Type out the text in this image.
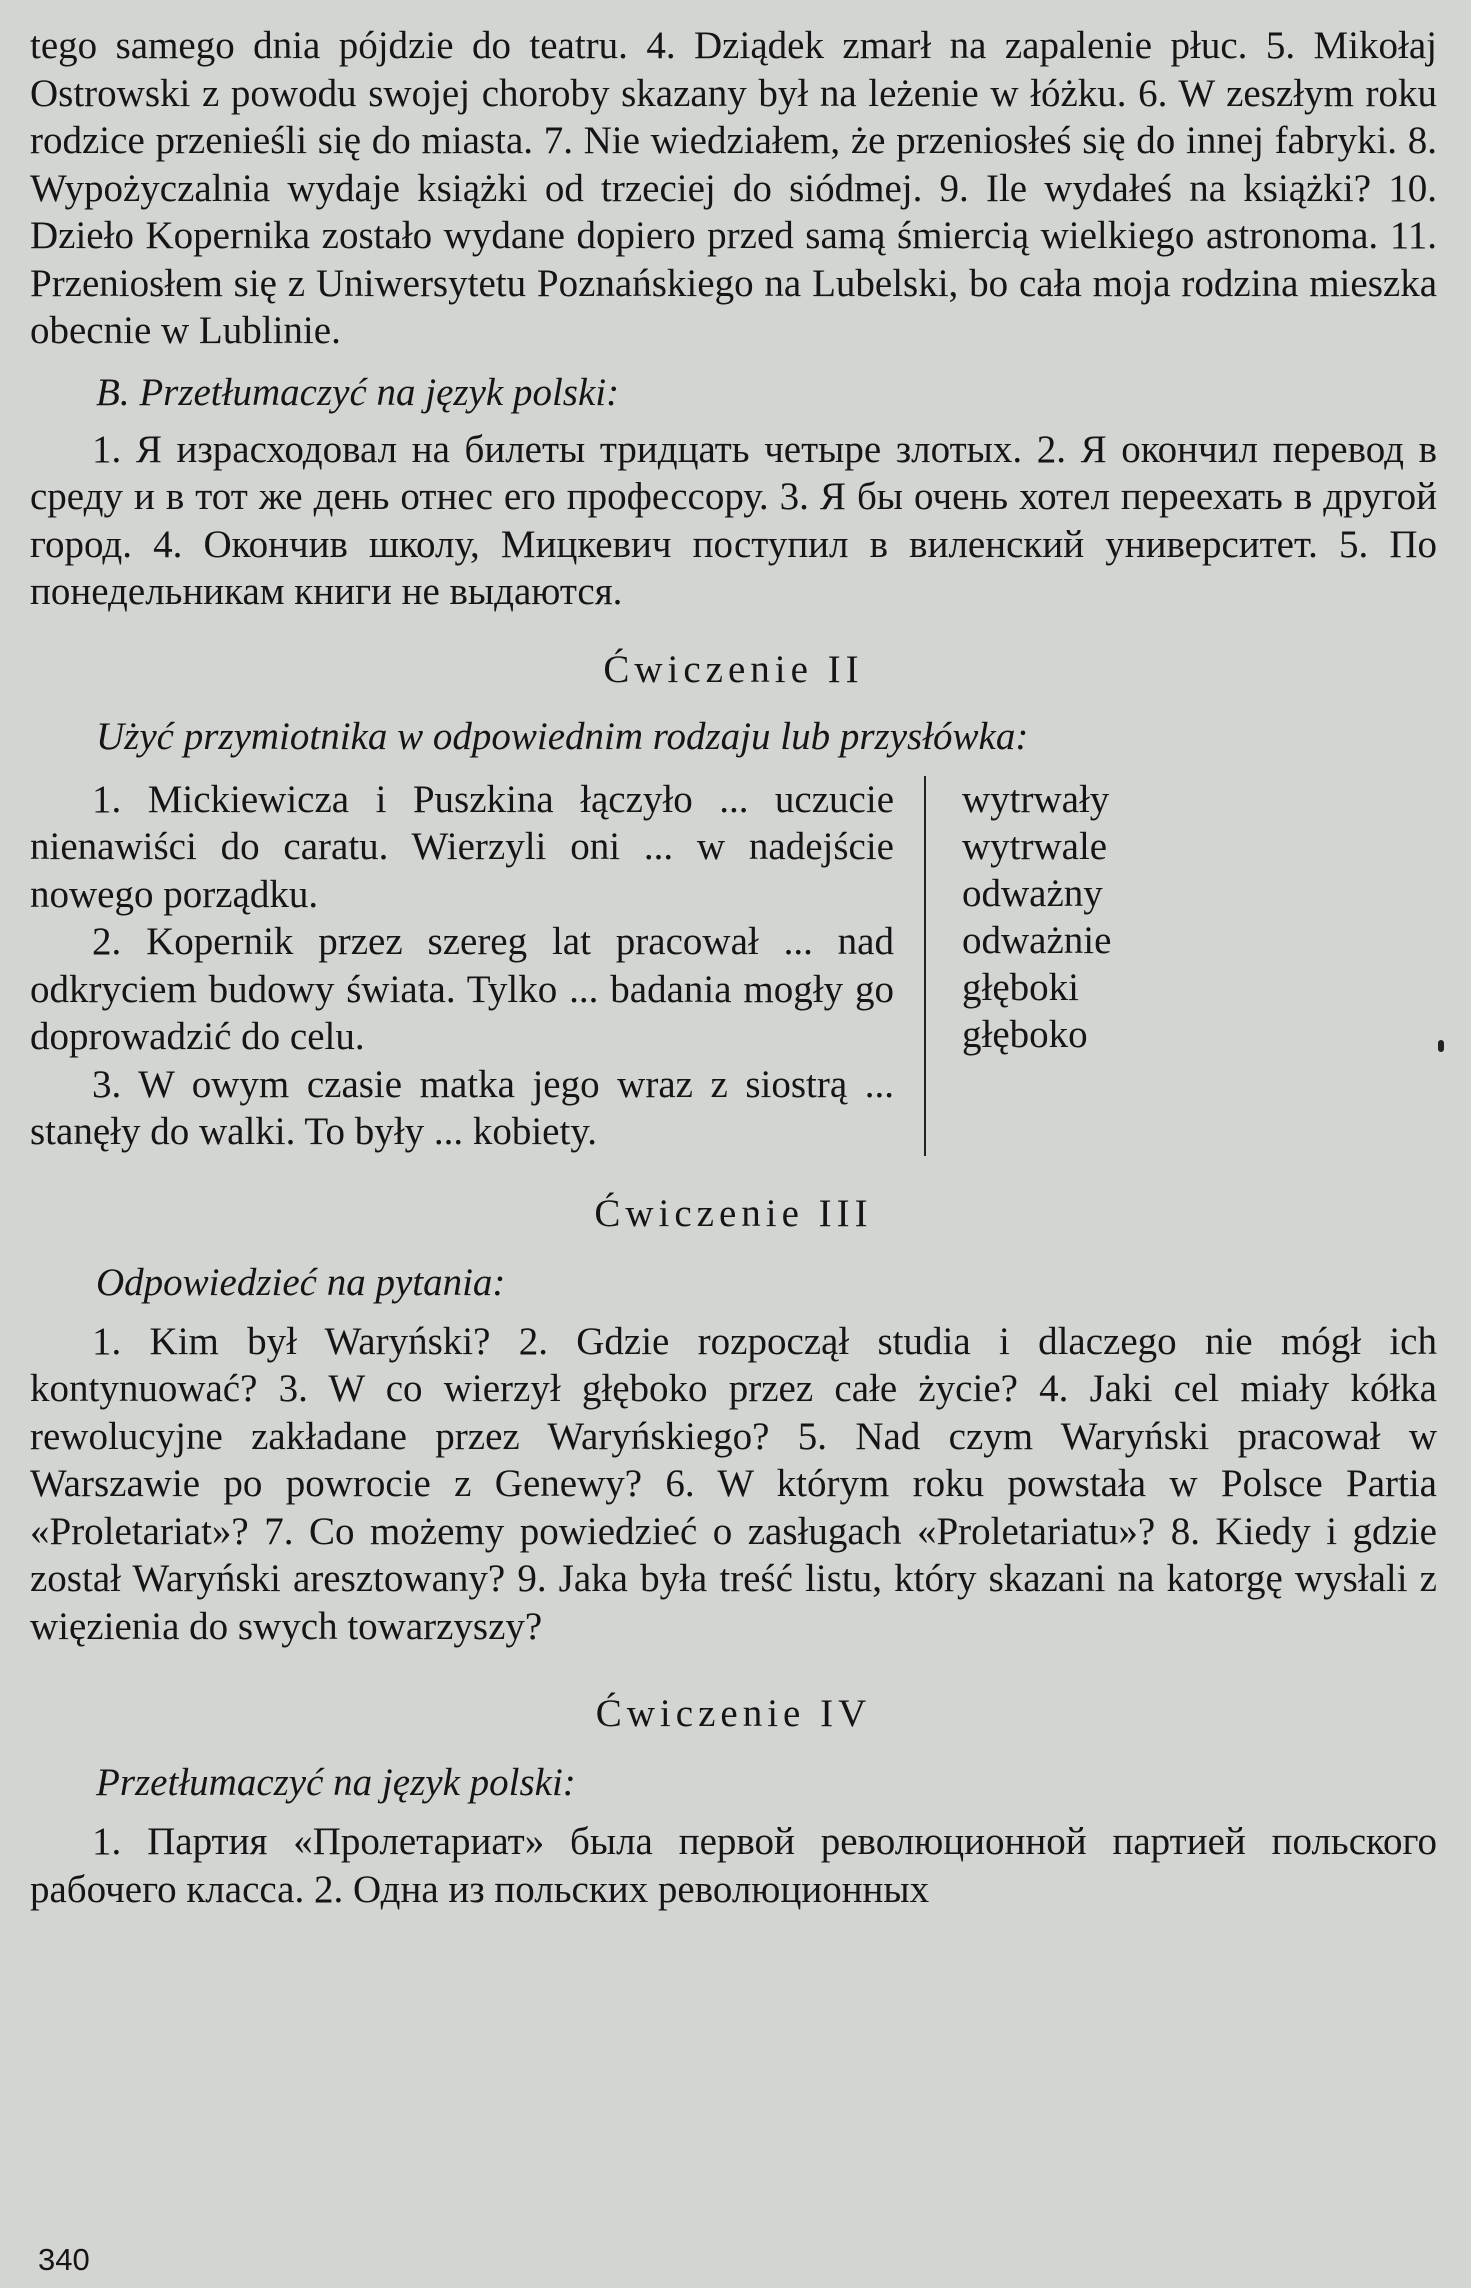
tego samego dnia pójdzie do teatru. 4. Dziądek zmarł na zapalenie płuc. 5. Mikołaj Ostrowski z powodu swojej choroby skazany był na leżenie w łóżku. 6. W zeszłym roku rodzice przenieśli się do miasta. 7. Nie wiedziałem, że przeniosłeś się do innej fabryki. 8. Wypożyczalnia wydaje książki od trzeciej do siódmej. 9. Ile wydałeś na książki? 10. Dzieło Kopernika zostało wydane dopiero przed samą śmiercią wielkiego astronoma. 11. Przeniosłem się z Uniwersytetu Poznańskiego na Lubelski, bo cała moja rodzina mieszka obecnie w Lublinie.

B. Przetłumaczyć na język polski:

1. Я израсходовал на билеты тридцать четыре злотых. 2. Я окончил перевод в среду и в тот же день отнес его профессору. 3. Я бы очень хотел переехать в другой город. 4. Окончив школу, Мицкевич поступил в виленский университет. 5. По понедельникам книги не выдаются.

Ćwiczenie II

Użyć przymiotnika w odpowiednim rodzaju lub przysłówka:

1. Mickiewicza i Puszkina łączyło ... uczucie nienawiści do caratu. Wierzyli oni ... w nadejście nowego porządku.

2. Kopernik przez szereg lat pracował ... nad odkryciem budowy świata. Tylko ... badania mogły go doprowadzić do celu.

3. W owym czasie matka jego wraz z siostrą ... stanęły do walki. To były ... kobiety.

wytrwały
wytrwale
odważny
odważnie
głęboki
głęboko

Ćwiczenie III

Odpowiedzieć na pytania:

1. Kim był Waryński? 2. Gdzie rozpoczął studia i dlaczego nie mógł ich kontynuować? 3. W co wierzył głęboko przez całe życie? 4. Jaki cel miały kółka rewolucyjne zakładane przez Waryńskiego? 5. Nad czym Waryński pracował w Warszawie po powrocie z Genewy? 6. W którym roku powstała w Polsce Partia «Proletariat»? 7. Co możemy powiedzieć o zasługach «Proletariatu»? 8. Kiedy i gdzie został Waryński aresztowany? 9. Jaka była treść listu, który skazani na katorgę wysłali z więzienia do swych towarzyszy?

Ćwiczenie IV

Przetłumaczyć na język polski:

1. Партия «Пролетариат» была первой революционной партией польского рабочего класса. 2. Одна из польских революционных

340
